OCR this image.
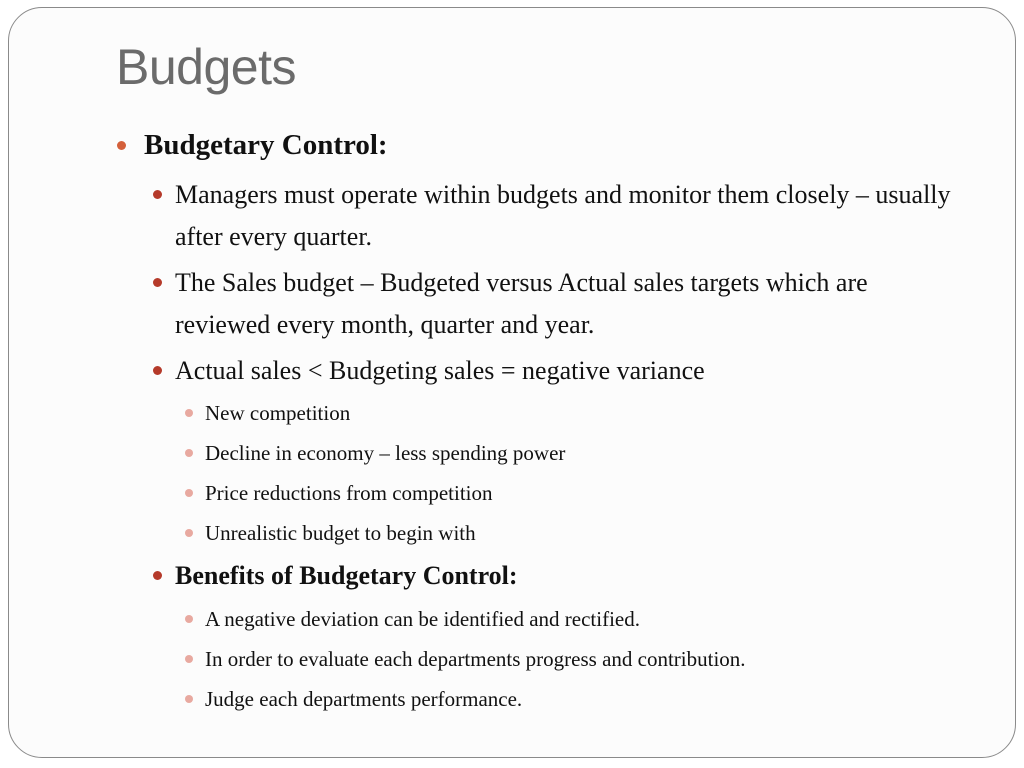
Budgets
Budgetary Control:
Managers must operate within budgets and monitor them closely – usually after every quarter.
The Sales budget – Budgeted versus Actual sales targets which are reviewed every month, quarter and year.
Actual sales < Budgeting sales = negative variance
New competition
Decline in economy – less spending power
Price reductions from competition
Unrealistic budget to begin with
Benefits of Budgetary Control:
A negative deviation can be identified and rectified.
In order to evaluate each departments progress and contribution.
Judge each departments performance.
